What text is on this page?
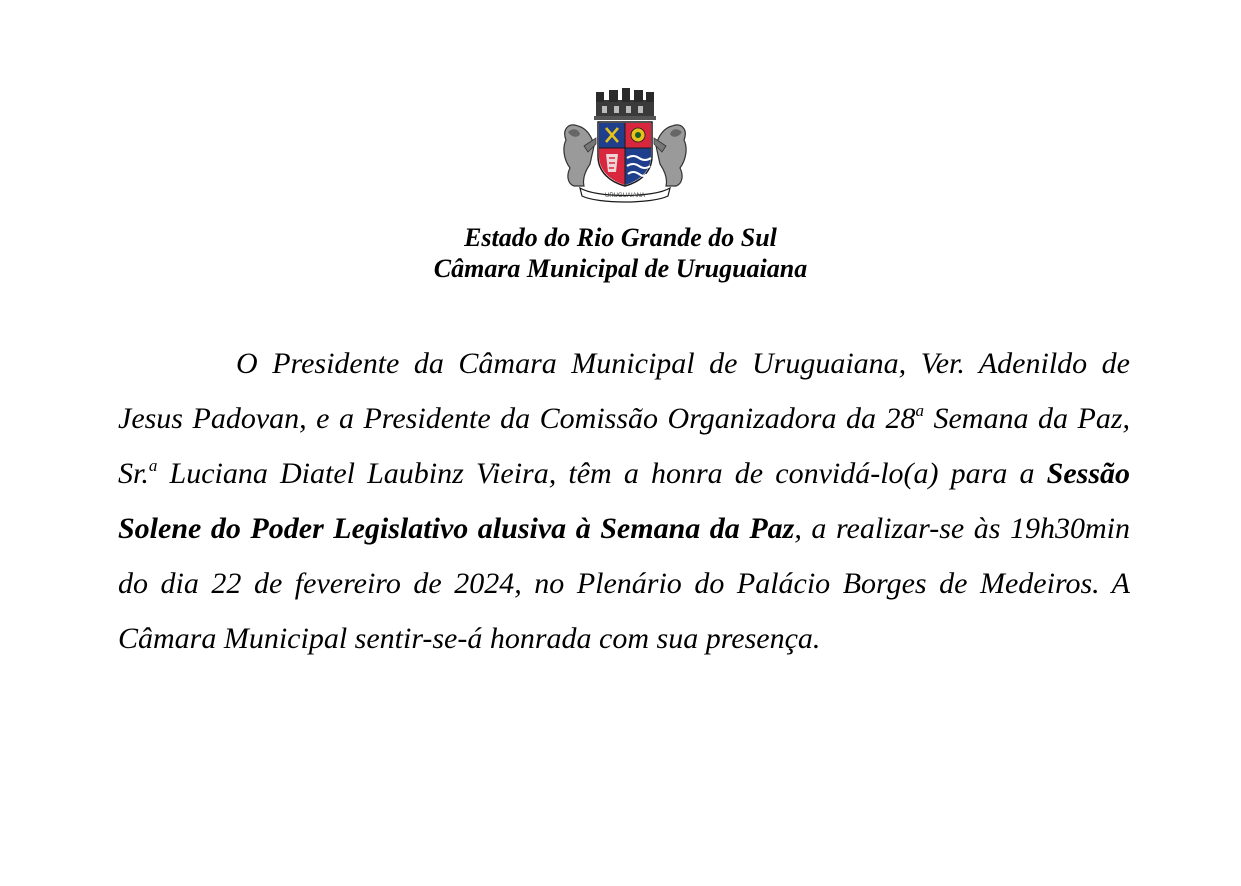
URUGUAIANA
Estado do Rio Grande do Sul
Câmara Municipal de Uruguaiana

O Presidente da Câmara Municipal de Uruguaiana, Ver. Adenildo de Jesus Padovan, e a Presidente da Comissão Organizadora da 28$^a$ Semana da Paz, Sr.$^a$ Luciana Diatel Laubinz Vieira, têm a honra de convidá-lo(a) para a Sessão Solene do Poder Legislativo alusiva à Semana da Paz, a realizar-se às 19h30min do dia 22 de fevereiro de 2024, no Plenário do Palácio Borges de Medeiros. A Câmara Municipal sentir-se-á honrada com sua presença.
